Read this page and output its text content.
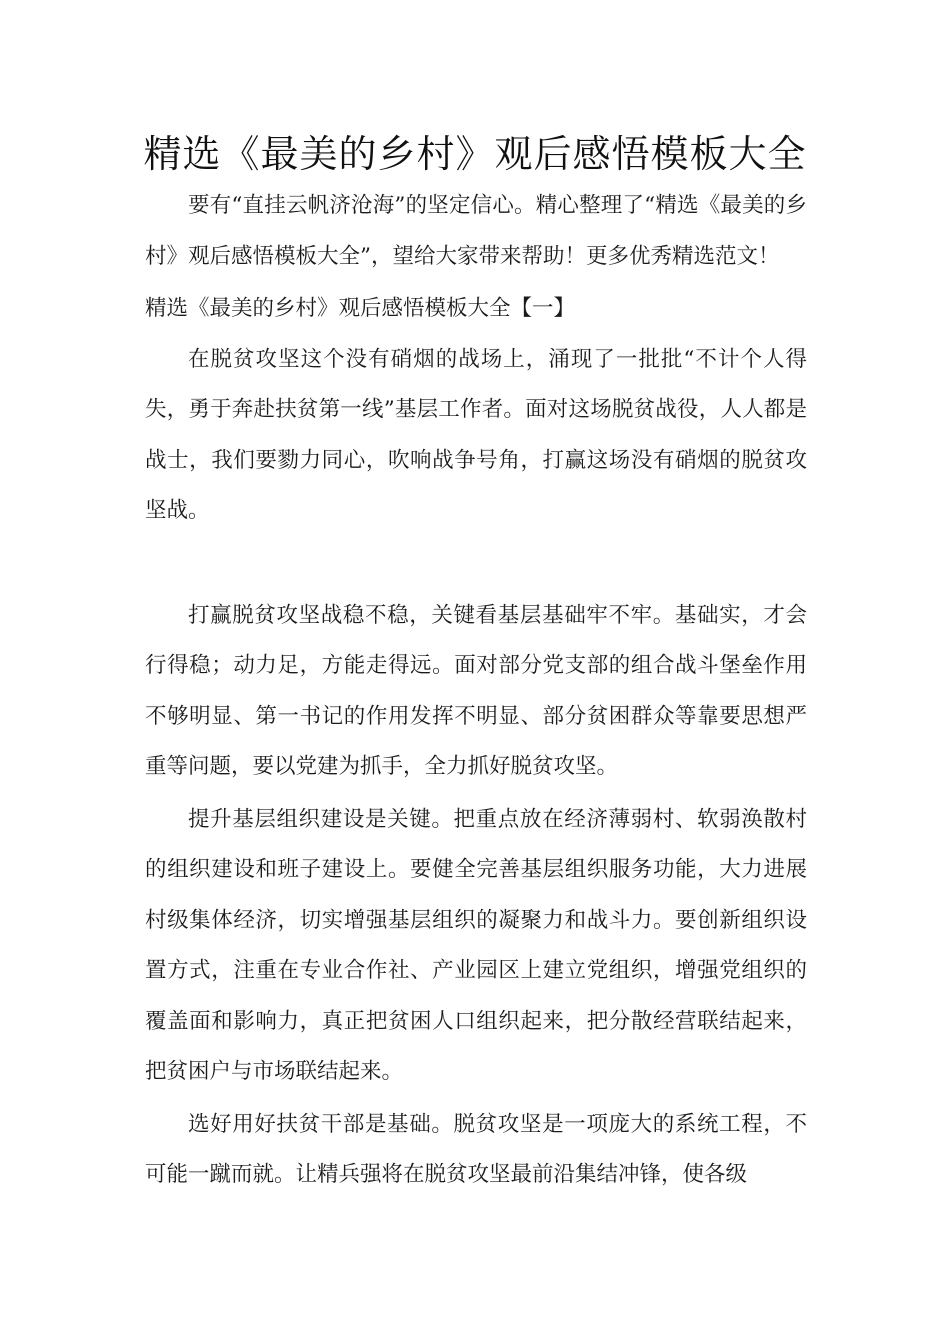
精选《最美的乡村》观后感悟模板大全

要有“直挂云帆济沧海”的坚定信心。精心整理了“精选《最美的乡村》观后感悟模板大全”，望给大家带来帮助！更多优秀精选范文！

精选《最美的乡村》观后感悟模板大全【一】

在脱贫攻坚这个没有硝烟的战场上，涌现了一批批“不计个人得失，勇于奔赴扶贫第一线”基层工作者。面对这场脱贫战役，人人都是战士，我们要勠力同心，吹响战争号角，打赢这场没有硝烟的脱贫攻坚战。

打赢脱贫攻坚战稳不稳，关键看基层基础牢不牢。基础实，才会行得稳；动力足，方能走得远。面对部分党支部的组合战斗堡垒作用不够明显、第一书记的作用发挥不明显、部分贫困群众等靠要思想严重等问题，要以党建为抓手，全力抓好脱贫攻坚。

提升基层组织建设是关键。把重点放在经济薄弱村、软弱涣散村的组织建设和班子建设上。要健全完善基层组织服务功能，大力进展村级集体经济，切实增强基层组织的凝聚力和战斗力。要创新组织设置方式，注重在专业合作社、产业园区上建立党组织，增强党组织的覆盖面和影响力，真正把贫困人口组织起来，把分散经营联结起来，把贫困户与市场联结起来。

选好用好扶贫干部是基础。脱贫攻坚是一项庞大的系统工程，不可能一蹴而就。让精兵强将在脱贫攻坚最前沿集结冲锋，使各级
